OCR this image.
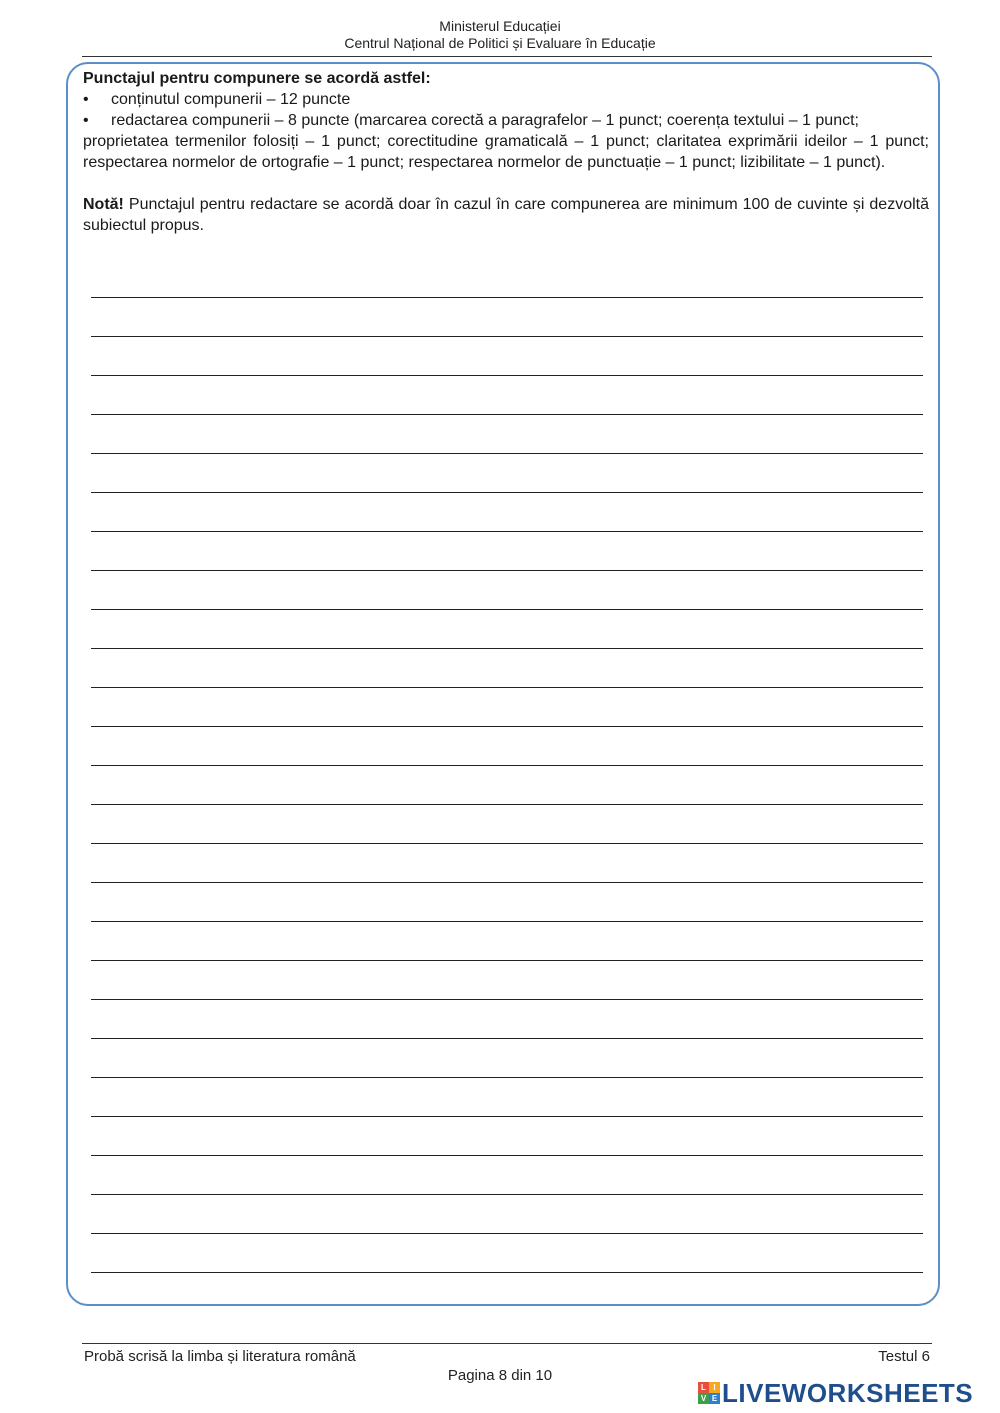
Ministerul Educației
Centrul Național de Politici și Evaluare în Educație
Punctajul pentru compunere se acordă astfel:
•	conținutul compunerii – 12 puncte
•	redactarea compunerii – 8 puncte (marcarea corectă a paragrafelor – 1 punct; coerența textului – 1 punct;
proprietatea termenilor folosiți – 1 punct; corectitudine gramaticală – 1 punct; claritatea exprimării ideilor – 1 punct; respectarea normelor de ortografie – 1 punct; respectarea normelor de punctuație – 1 punct; lizibilitate – 1 punct).
Notă! Punctajul pentru redactare se acordă doar în cazul în care compunerea are minimum 100 de cuvinte și dezvoltă subiectul propus.
Probă scrisă la limba și literatura română	Testul 6
Pagina 8 din 10
L I
V E LIVEWORKSHEETS
